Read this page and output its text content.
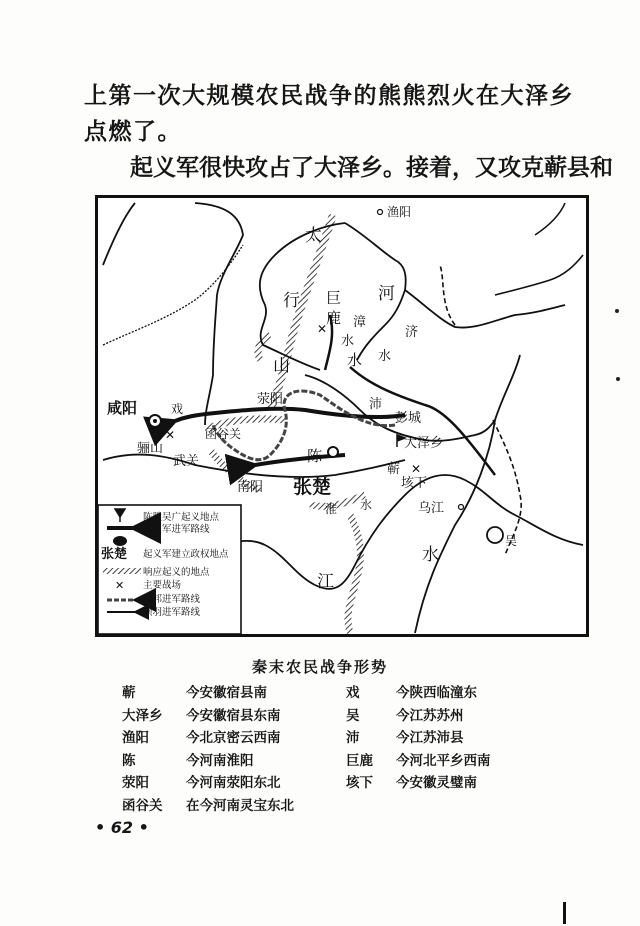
上第一次大规模农民战争的熊熊烈火在大泽乡点燃了。
起义军很快攻占了大泽乡。接着，又攻克蕲县和
✕
✕
✕
渔阳
太
行
山
巨
鹿 漳
水
水
河
济
水
荥阳	沛
彭城
咸阳	戏
函谷关
骊山
武关	陈
大泽乡
蕲
垓下
南阳 张楚
淮 水	乌江
吴
江
水
张楚
✕
陈胜吴广起义地点
起义军进军路线
起义军建立政权地点
响应起义的地点
主要战场
刘邦进军路线
项羽进军路线
秦末农民战争形势
蕲	今安徽宿县南
大泽乡	今安徽宿县东南
渔阳	今北京密云西南
陈	今河南淮阳
荥阳	今河南荥阳东北
函谷关	在今河南灵宝东北
戏	今陕西临潼东
吴	今江苏苏州
沛	今江苏沛县
巨鹿	今河北平乡西南
垓下	今安徽灵璧南
• 62 •
